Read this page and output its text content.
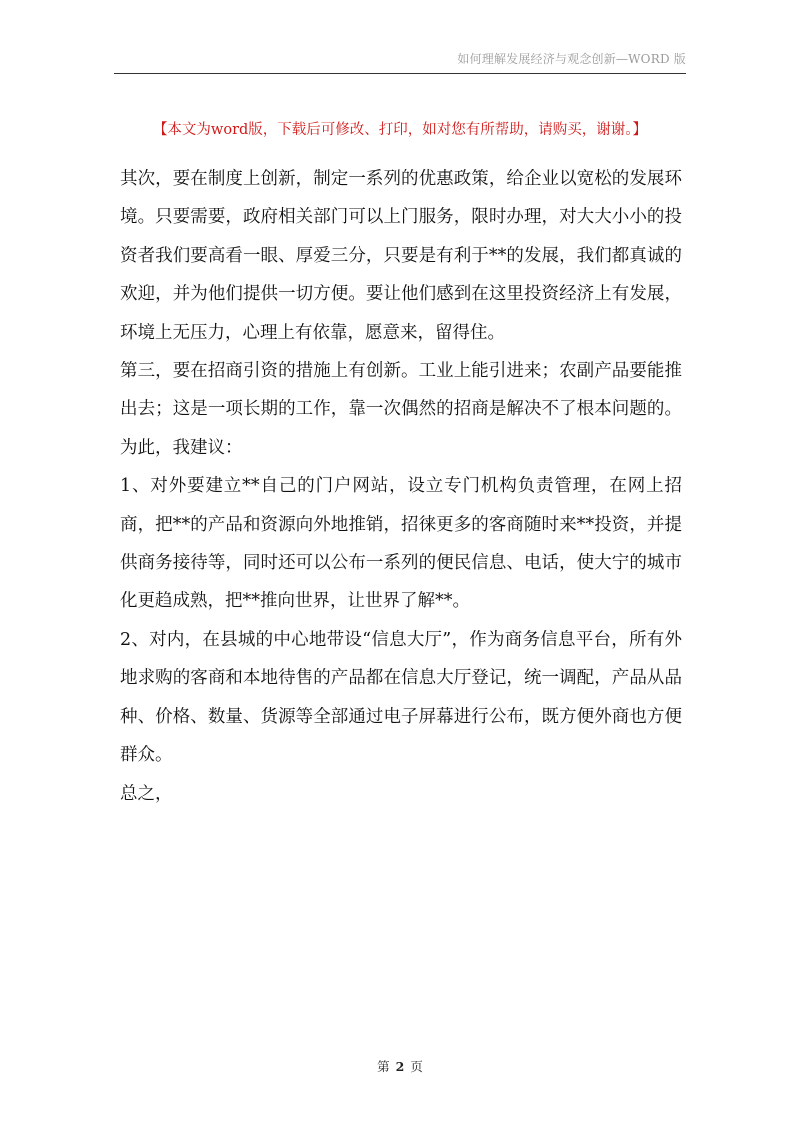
如何理解发展经济与观念创新—WORD 版
【本文为word版，下载后可修改、打印，如对您有所帮助，请购买，谢谢。】

其次，要在制度上创新，制定一系列的优惠政策，给企业以宽松的发展环境。只要需要，政府相关部门可以上门服务，限时办理，对大大小小的投资者我们要高看一眼、厚爱三分，只要是有利于**的发展，我们都真诚的欢迎，并为他们提供一切方便。要让他们感到在这里投资经济上有发展，环境上无压力，心理上有依靠，愿意来，留得住。

第三，要在招商引资的措施上有创新。工业上能引进来；农副产品要能推出去；这是一项长期的工作，靠一次偶然的招商是解决不了根本问题的。为此，我建议：

1、对外要建立**自己的门户网站，设立专门机构负责管理，在网上招商，把**的产品和资源向外地推销，招徕更多的客商随时来**投资，并提供商务接待等，同时还可以公布一系列的便民信息、电话，使大宁的城市化更趋成熟，把**推向世界，让世界了解**。

2、对内，在县城的中心地带设“信息大厅”，作为商务信息平台，所有外地求购的客商和本地待售的产品都在信息大厅登记，统一调配，产品从品种、价格、数量、货源等全部通过电子屏幕进行公布，既方便外商也方便群众。

总之，

第 2 页
